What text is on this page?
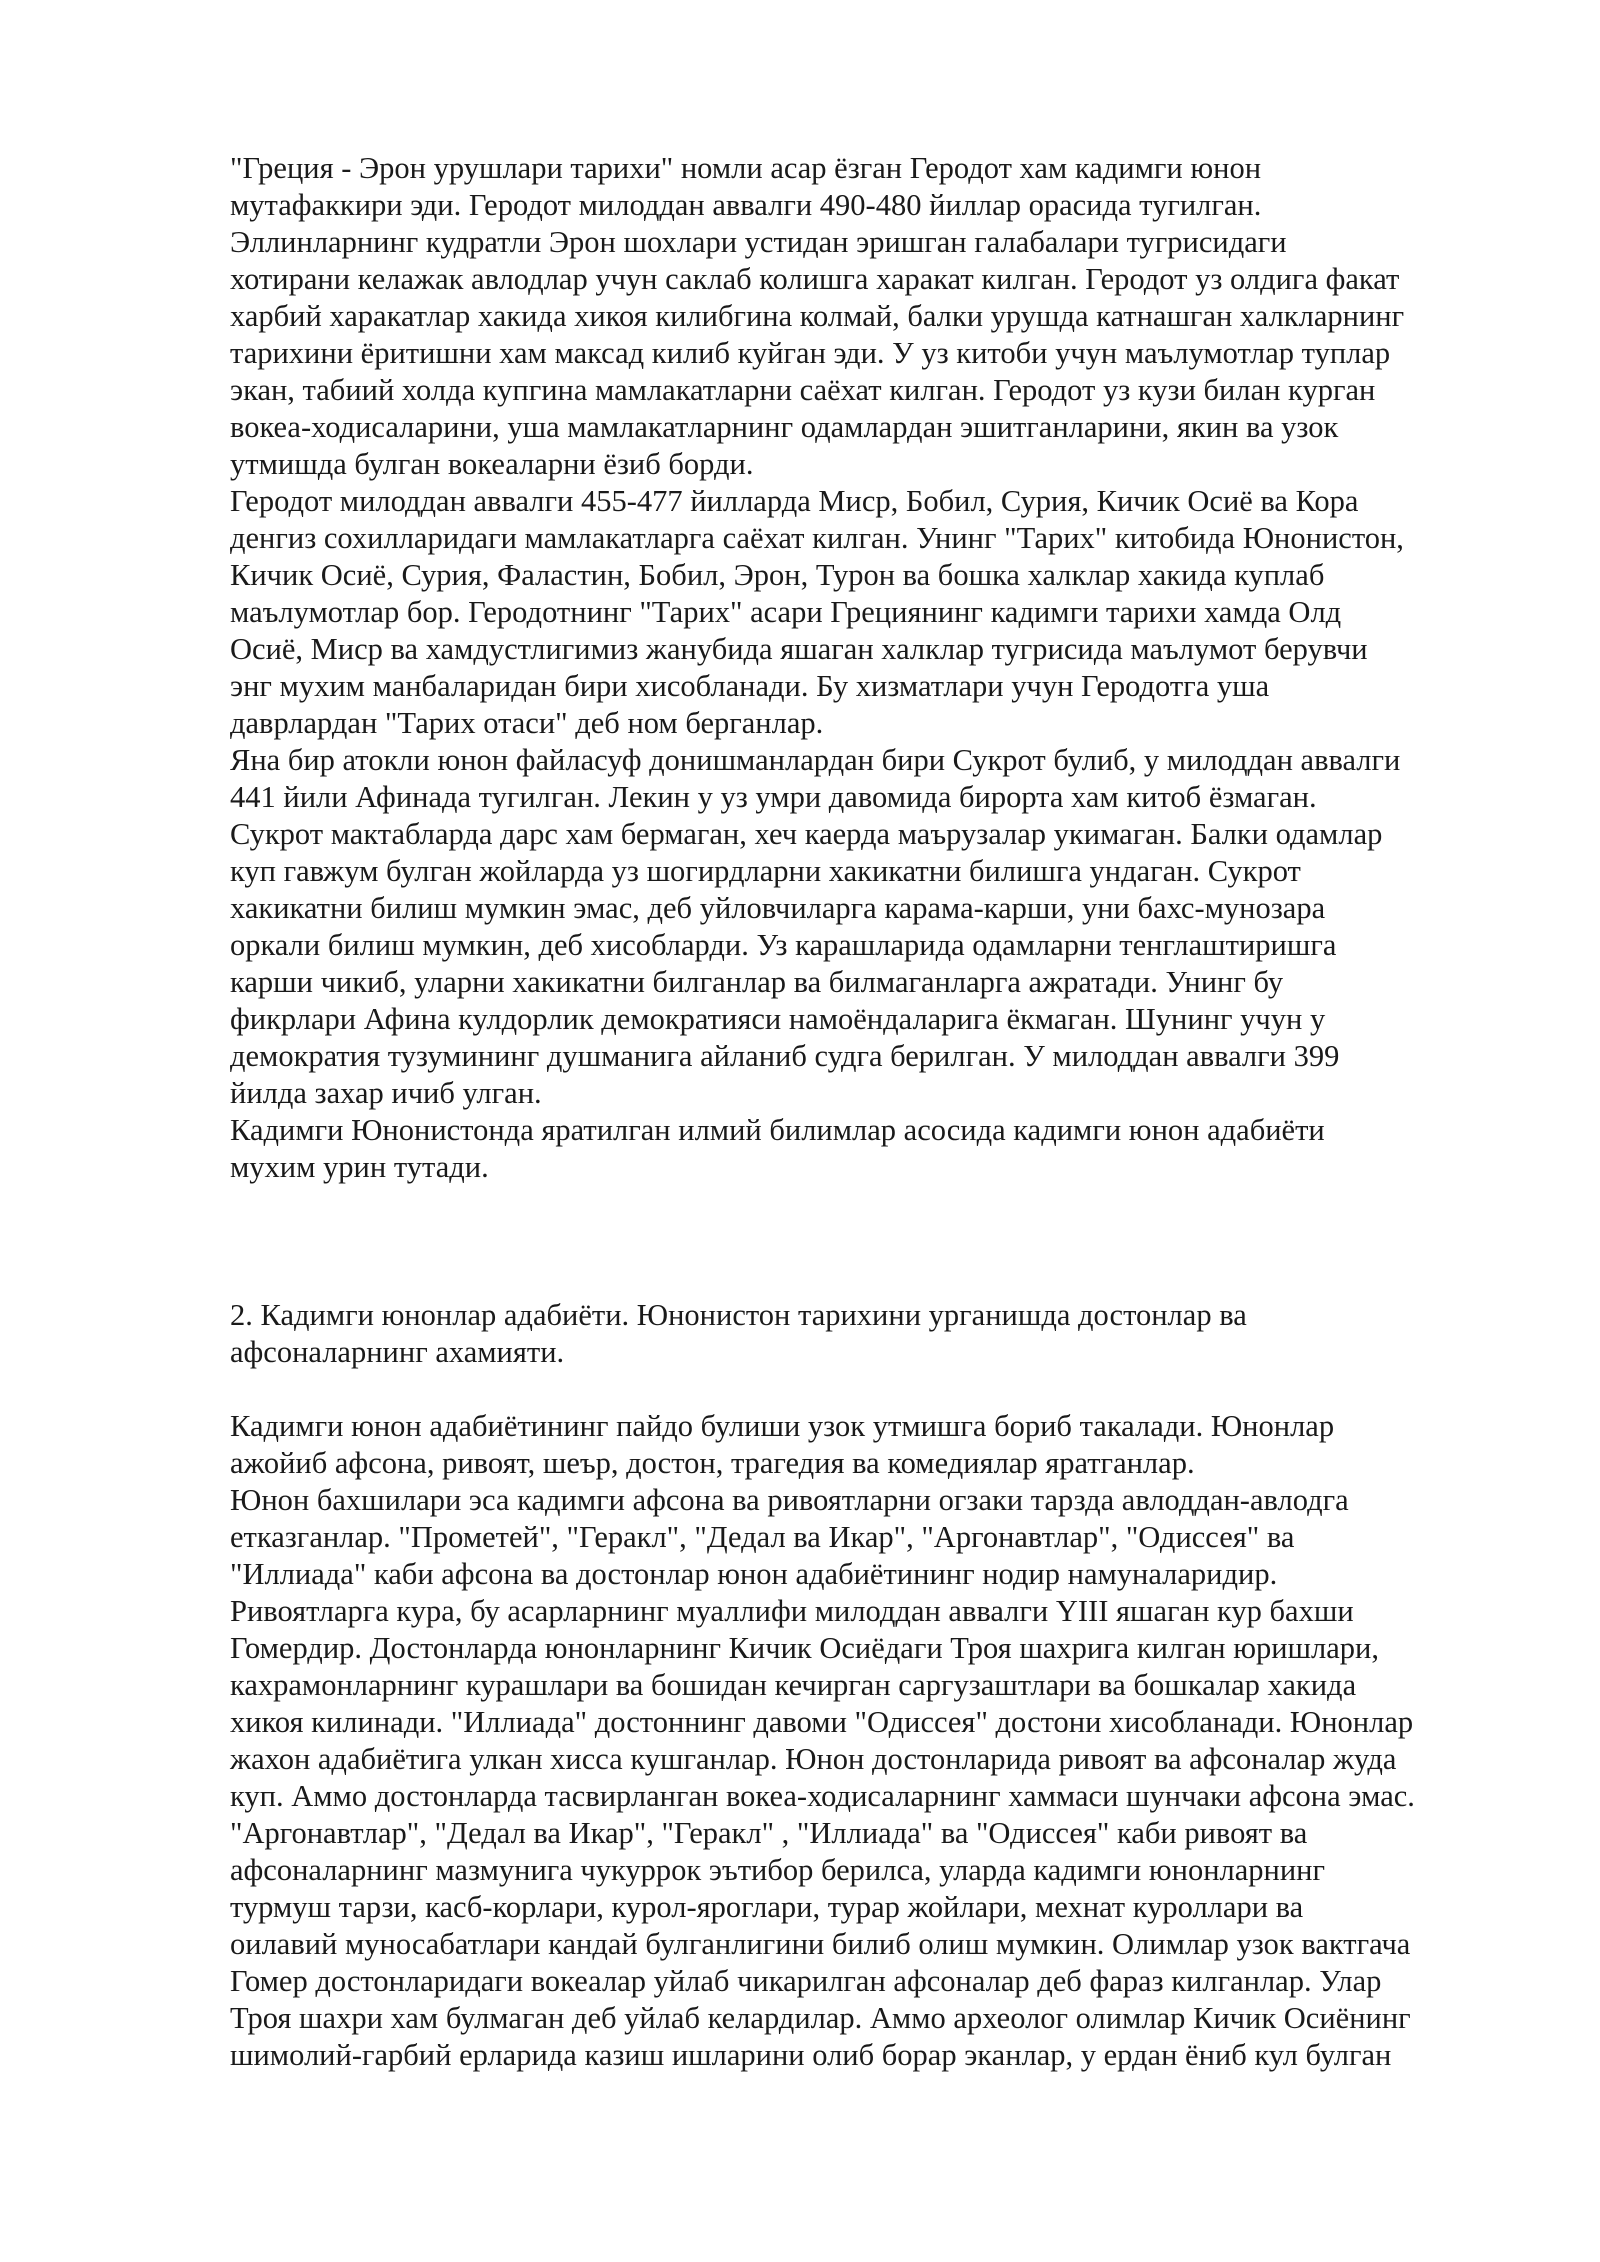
"Греция - Эрон урушлари тарихи" номли асар ёзган Геродот хам кадимги юнон
мутафаккири эди. Геродот милоддан аввалги 490-480 йиллар орасида тугилган.
Эллинларнинг кудратли Эрон шохлари устидан эришган галабалари тугрисидаги
хотирани келажак авлодлар учун саклаб колишга харакат килган. Геродот уз олдига факат
харбий харакатлар хакида хикоя килибгина колмай, балки урушда катнашган халкларнинг
тарихини ёритишни хам максад килиб куйган эди. У уз китоби учун маълумотлар туплар
экан, табиий холда купгина мамлакатларни саёхат килган. Геродот уз кузи билан курган
вокеа-ходисаларини, уша мамлакатларнинг одамлардан эшитганларини, якин ва узок
утмишда булган вокеаларни ёзиб борди.

Геродот милоддан аввалги 455-477 йилларда Миср, Бобил, Сурия, Кичик Осиё ва Кора
денгиз сохилларидаги мамлакатларга саёхат килган. Унинг "Тарих" китобида Юнонистон,
Кичик Осиё, Сурия, Фаластин, Бобил, Эрон, Турон ва бошка халклар хакида куплаб
маълумотлар бор. Геродотнинг "Тарих" асари Грециянинг кадимги тарихи хамда Олд
Осиё, Миср ва хамдустлигимиз жанубида яшаган халклар тугрисида маълумот берувчи
энг мухим манбаларидан бири хисобланади. Бу хизматлари учун Геродотга уша
даврлардан "Тарих отаси" деб ном берганлар.

Яна бир атокли юнон файласуф донишманлардан бири Сукрот булиб, у милоддан аввалги
441 йили Афинада тугилган. Лекин у уз умри давомида бирорта хам китоб ёзмаган.
Сукрот мактабларда дарс хам бермаган, хеч каерда маърузалар укимаган. Балки одамлар
куп гавжум булган жойларда уз шогирдларни хакикатни билишга ундаган. Сукрот
хакикатни билиш мумкин эмас, деб уйловчиларга карама-карши, уни бахс-мунозара
оркали билиш мумкин, деб хисобларди. Уз карашларида одамларни тенглаштиришга
карши чикиб, уларни хакикатни билганлар ва билмаганларга ажратади. Унинг бу
фикрлари Афина кулдорлик демократияси намоёндаларига ёкмаган. Шунинг учун у
демократия тузумининг душманига айланиб судга берилган. У милоддан аввалги 399
йилда захар ичиб улган.

Кадимги Юнонистонда яратилган илмий билимлар асосида кадимги юнон адабиёти
мухим урин тутади.

2. Кадимги юнонлар адабиёти. Юнонистон тарихини урганишда достонлар ва
афсоналарнинг ахамияти.

Кадимги юнон адабиётининг пайдо булиши узок утмишга бориб такалади. Юнонлар
ажойиб афсона, ривоят, шеър, достон, трагедия ва комедиялар яратганлар.

Юнон бахшилари эса кадимги афсона ва ривоятларни огзаки тарзда авлоддан-авлодга
етказганлар. "Прометей", "Геракл", "Дедал ва Икар", "Аргонавтлар", "Одиссея" ва
"Иллиада" каби афсона ва достонлар юнон адабиётининг нодир намуналаридир.
Ривоятларга кура, бу асарларнинг муаллифи милоддан аввалги YIII яшаган кур бахши
Гомердир. Достонларда юнонларнинг Кичик Осиёдаги Троя шахрига килган юришлари,
кахрамонларнинг курашлари ва бошидан кечирган саргузаштлари ва бошкалар хакида
хикоя килинади. "Иллиада" достоннинг давоми "Одиссея" достони хисобланади. Юнонлар
жахон адабиётига улкан хисса кушганлар. Юнон достонларида ривоят ва афсоналар жуда
куп. Аммо достонларда тасвирланган вокеа-ходисаларнинг хаммаси шунчаки афсона эмас.
"Аргонавтлар", "Дедал ва Икар", "Геракл" , "Иллиада" ва "Одиссея" каби ривоят ва
афсоналарнинг мазмунига чукуррок эътибор берилса, уларда кадимги юнонларнинг
турмуш тарзи, касб-корлари, курол-яроглари, турар жойлари, мехнат куроллари ва
оилавий муносабатлари кандай булганлигини билиб олиш мумкин. Олимлар узок вактгача
Гомер достонларидаги вокеалар уйлаб чикарилган афсоналар деб фараз килганлар. Улар
Троя шахри хам булмаган деб уйлаб келардилар. Аммо археолог олимлар Кичик Осиёнинг
шимолий-гарбий ерларида казиш ишларини олиб борар эканлар, у ердан ёниб кул булган
